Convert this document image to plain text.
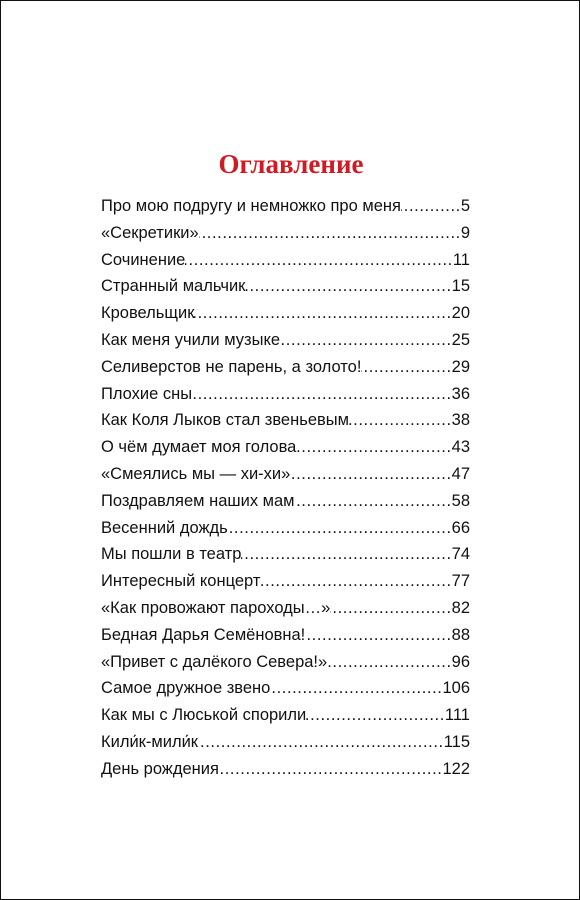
Оглавление
Про мою подругу и немножко про меня .....	5
«Секретики» .....	9
Сочинение .....	11
Странный мальчик .....	15
Кровельщик .....	20
Как меня учили музыке .....	25
Селиверстов не парень, а золото! .....	29
Плохие сны .....	36
Как Коля Лыков стал звеньевым .....	38
О чём думает моя голова .....	43
«Смеялись мы — хи-хи» .....	47
Поздравляем наших мам .....	58
Весенний дождь .....	66
Мы пошли в театр .....	74
Интересный концерт .....	77
«Как провожают пароходы…» .....	82
Бедная Дарья Семёновна! .....	88
«Привет с далёкого Севера!» .....	96
Самое дружное звено .....	106
Как мы с Люськой спорили .....	111
Кили́к-мили́к .....	115
День рождения .....	122
